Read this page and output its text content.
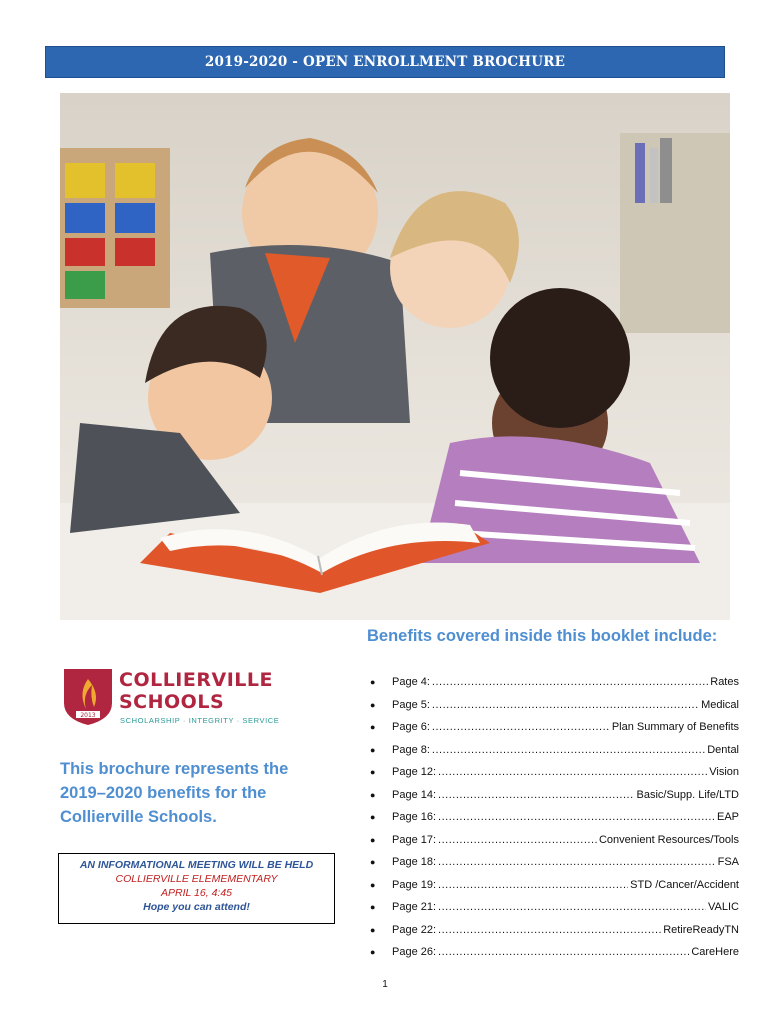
2019-2020 - OPEN ENROLLMENT BROCHURE
2013
COLLIERVILLE
SCHOOLS
SCHOLARSHIP · INTEGRITY · SERVICE
This brochure represents the 2019–2020 benefits for the Collierville Schools.
AN INFORMATIONAL MEETING WILL BE HELD
COLLIERVILLE ELEMEMENTARY
APRIL 16, 4:45
Hope you can attend!
Benefits covered inside this booklet include:
●	Page 4: .....	Rates
●	Page 5: .....	Medical
●	Page 6: .....	Plan Summary of Benefits
●	Page 8: .....	Dental
●	Page 12: .....	Vision
●	Page 14: .....	Basic/Supp. Life/LTD
●	Page 16: .....	EAP
●	Page 17: .....	Convenient Resources/Tools
●	Page 18: .....	FSA
●	Page 19: .....	STD /Cancer/Accident
●	Page 21: .....	VALIC
●	Page 22: .....	RetireReadyTN
●	Page 26: .....	CareHere
1
